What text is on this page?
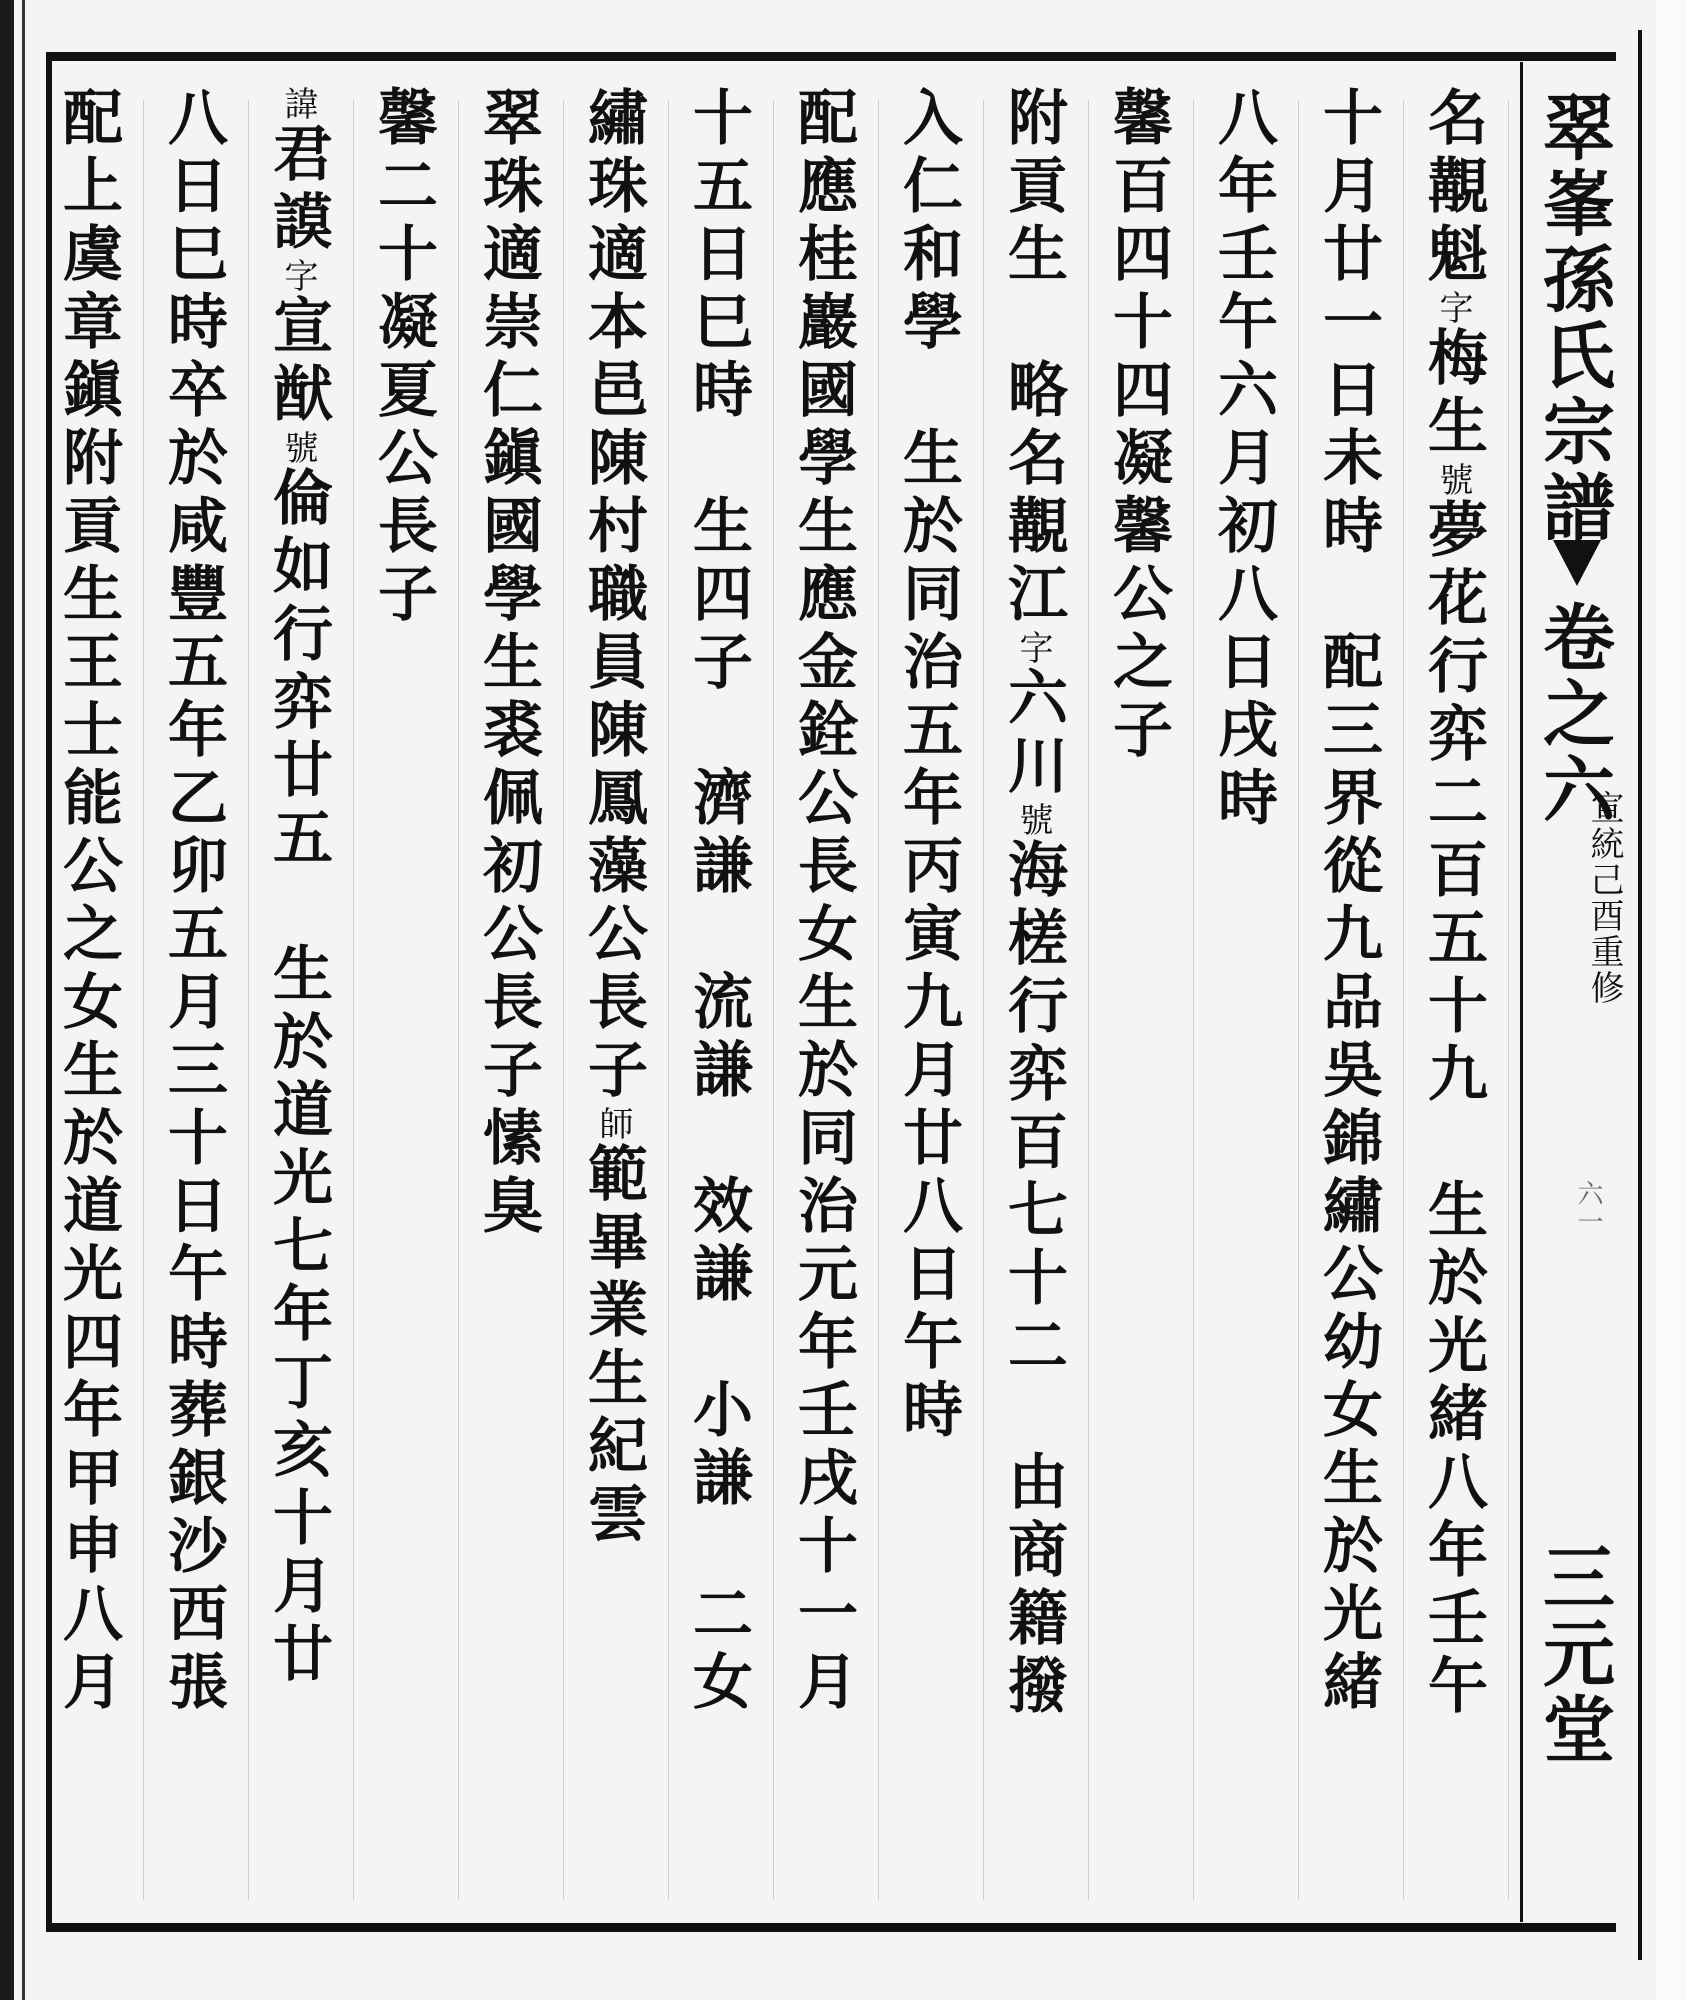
翠峯孫氏宗譜
卷之六
宣統己酉重修
六一
三元堂
名覯魁字梅生號夢花行弈二百五十九　生於光緒八年壬午
十月廿一日未時　配三界從九品吳錦繡公幼女生於光緒
八年壬午六月初八日戌時
馨百四十四凝馨公之子
附貢生　略名覯江字六川號海槎行弈百七十二　由商籍撥
入仁和學　生於同治五年丙寅九月廿八日午時
配應桂巖國學生應金銓公長女生於同治元年壬戌十一月
十五日巳時　生四子　濟謙　流謙　效謙　小謙　二女
繡珠適本邑陳村職員陳鳳藻公長子師範畢業生紀雲
翠珠適崇仁鎭國學生裘佩初公長子愫臭
馨二十凝夏公長子
諱君謨字宣猷號倫如行弈廿五　生於道光七年丁亥十月廿
八日巳時卒於咸豐五年乙卯五月三十日午時葬銀沙西張
配上虞章鎭附貢生王士能公之女生於道光四年甲申八月
